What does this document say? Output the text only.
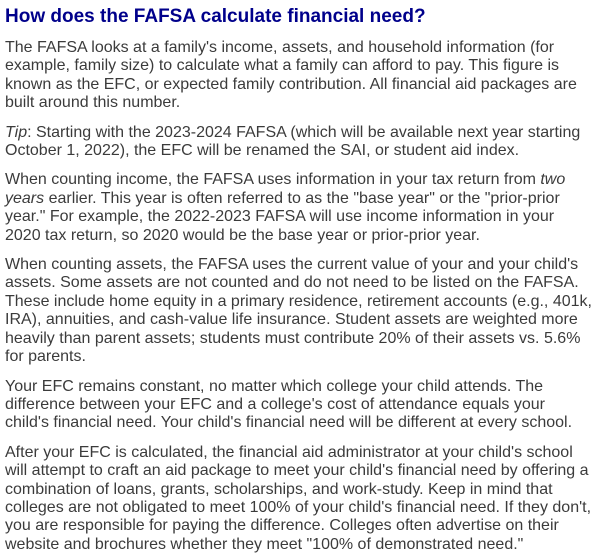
How does the FAFSA calculate financial need?

The FAFSA looks at a family's income, assets, and household information (for example, family size) to calculate what a family can afford to pay. This figure is known as the EFC, or expected family contribution. All financial aid packages are built around this number.

Tip: Starting with the 2023-2024 FAFSA (which will be available next year starting October 1, 2022), the EFC will be renamed the SAI, or student aid index.

When counting income, the FAFSA uses information in your tax return from two years earlier. This year is often referred to as the "base year" or the "prior-prior year." For example, the 2022-2023 FAFSA will use income information in your 2020 tax return, so 2020 would be the base year or prior-prior year.

When counting assets, the FAFSA uses the current value of your and your child's assets. Some assets are not counted and do not need to be listed on the FAFSA. These include home equity in a primary residence, retirement accounts (e.g., 401k, IRA), annuities, and cash-value life insurance. Student assets are weighted more heavily than parent assets; students must contribute 20% of their assets vs. 5.6% for parents.

Your EFC remains constant, no matter which college your child attends. The difference between your EFC and a college's cost of attendance equals your child's financial need. Your child's financial need will be different at every school.

After your EFC is calculated, the financial aid administrator at your child's school will attempt to craft an aid package to meet your child's financial need by offering a combination of loans, grants, scholarships, and work-study. Keep in mind that colleges are not obligated to meet 100% of your child's financial need. If they don't, you are responsible for paying the difference. Colleges often advertise on their website and brochures whether they meet "100% of demonstrated need."
